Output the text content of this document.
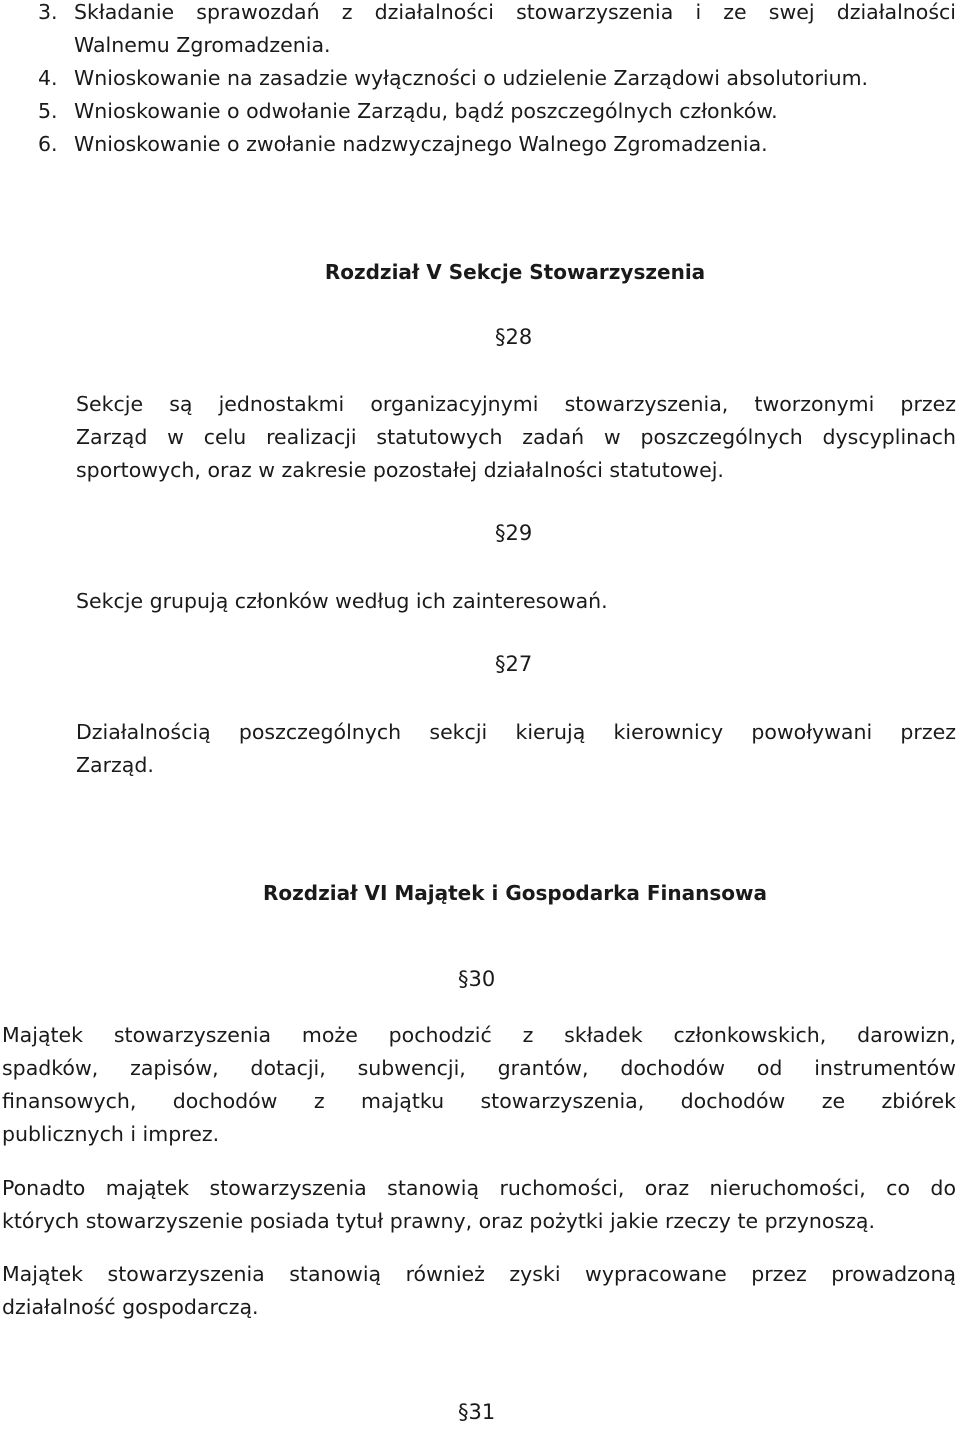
3. Składanie sprawozdań z działalności stowarzyszenia i ze swej działalności
Walnemu Zgromadzenia.
4. Wnioskowanie na zasadzie wyłączności o udzielenie Zarządowi absolutorium.
5. Wnioskowanie o odwołanie Zarządu, bądź poszczególnych członków.
6. Wnioskowanie o zwołanie nadzwyczajnego Walnego Zgromadzenia.
Rozdział V Sekcje Stowarzyszenia
§28
Sekcje są jednostakmi organizacyjnymi stowarzyszenia, tworzonymi przez
Zarząd w celu realizacji statutowych zadań w poszczególnych dyscyplinach
sportowych, oraz w zakresie pozostałej działalności statutowej.
§29
Sekcje grupują członków według ich zainteresowań.
§27
Działalnością poszczególnych sekcji kierują kierownicy powoływani przez
Zarząd.
Rozdział VI Majątek i Gospodarka Finansowa
§30
Majątek stowarzyszenia może pochodzić z składek członkowskich, darowizn,
spadków, zapisów, dotacji, subwencji, grantów, dochodów od instrumentów
finansowych, dochodów z majątku stowarzyszenia, dochodów ze zbiórek
publicznych i imprez.
Ponadto majątek stowarzyszenia stanowią ruchomości, oraz nieruchomości, co do
których stowarzyszenie posiada tytuł prawny, oraz pożytki jakie rzeczy te przynoszą.
Majątek stowarzyszenia stanowią również zyski wypracowane przez prowadzoną
działalność gospodarczą.
§31
